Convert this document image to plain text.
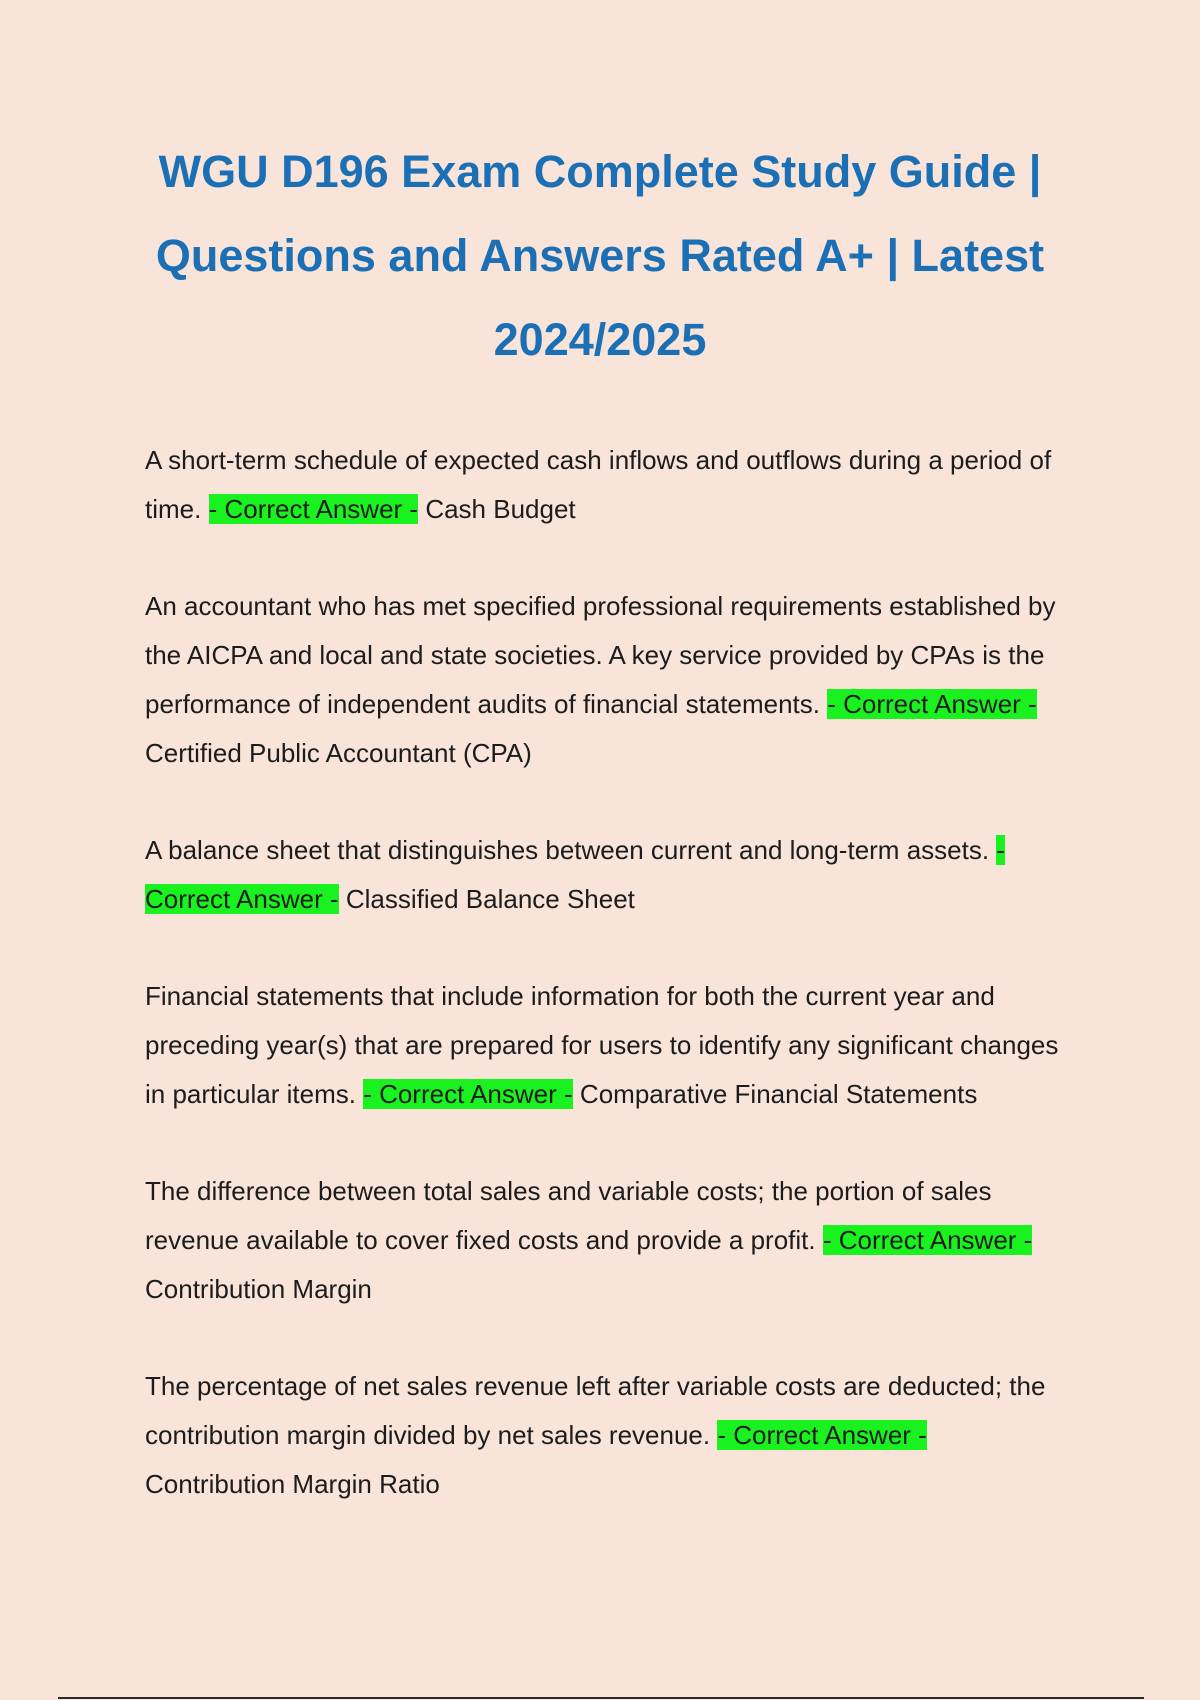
WGU D196 Exam Complete Study Guide | Questions and Answers Rated A+ | Latest 2024/2025

A short-term schedule of expected cash inflows and outflows during a period of time. - Correct Answer - Cash Budget

An accountant who has met specified professional requirements established by the AICPA and local and state societies. A key service provided by CPAs is the performance of independent audits of financial statements. - Correct Answer - Certified Public Accountant (CPA)

A balance sheet that distinguishes between current and long-term assets. - Correct Answer - Classified Balance Sheet

Financial statements that include information for both the current year and preceding year(s) that are prepared for users to identify any significant changes in particular items. - Correct Answer - Comparative Financial Statements

The difference between total sales and variable costs; the portion of sales revenue available to cover fixed costs and provide a profit. - Correct Answer - Contribution Margin

The percentage of net sales revenue left after variable costs are deducted; the contribution margin divided by net sales revenue. - Correct Answer - Contribution Margin Ratio
